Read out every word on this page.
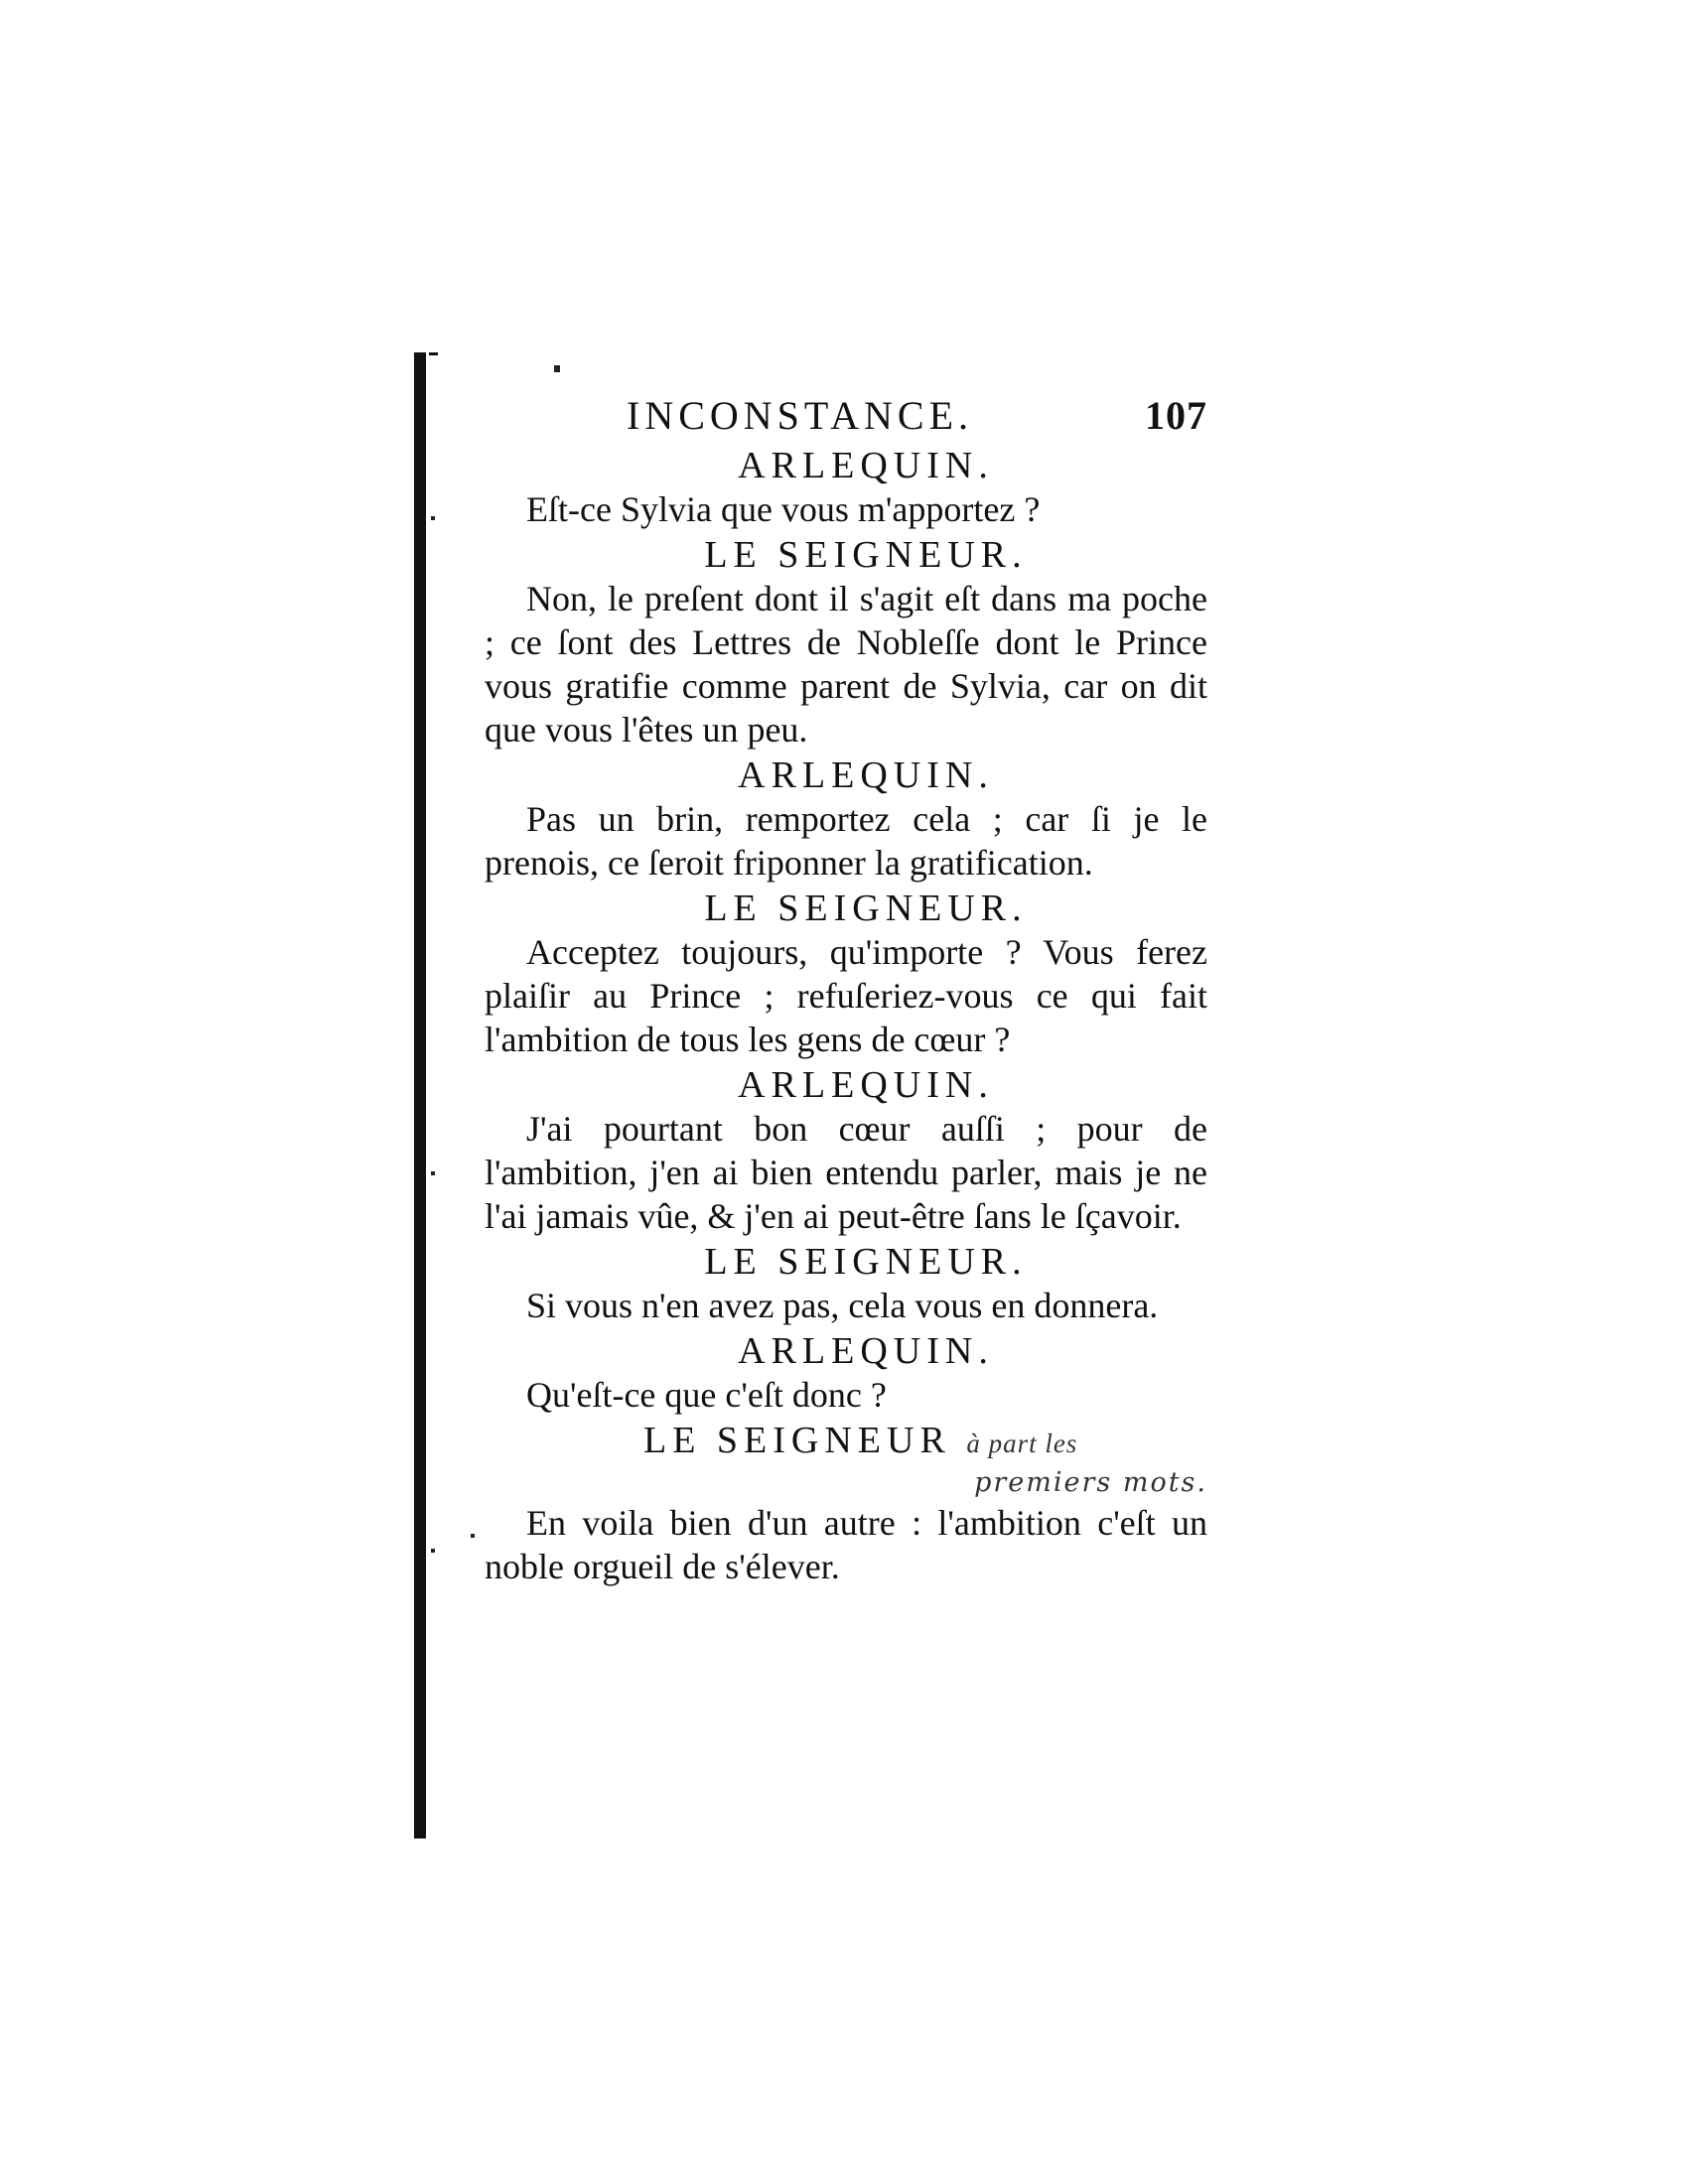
INCONSTANCE.	107
ARLEQUIN.

Eſt-ce Sylvia que vous m'apportez ?

LE SEIGNEUR.

Non, le preſent dont il s'agit eſt dans ma poche ; ce ſont des Lettres de Nobleſſe dont le Prince vous gratifie comme parent de Sylvia, car on dit que vous l'êtes un peu.

ARLEQUIN.

Pas un brin, remportez cela ; car ſi je le prenois, ce ſeroit friponner la gratification.

LE SEIGNEUR.

Acceptez toujours, qu'importe ? Vous ferez plaiſir au Prince ; refuſeriez-vous ce qui fait l'ambition de tous les gens de cœur ?

ARLEQUIN.

J'ai pourtant bon cœur auſſi ; pour de l'ambition, j'en ai bien entendu parler, mais je ne l'ai jamais vûe, & j'en ai peut-être ſans le ſçavoir.

LE SEIGNEUR.

Si vous n'en avez pas, cela vous en donnera.

ARLEQUIN.

Qu'eſt-ce que c'eſt donc ?

LE SEIGNEUR à part les

premiers mots.

En voila bien d'un autre : l'ambition c'eſt un noble orgueil de s'élever.
